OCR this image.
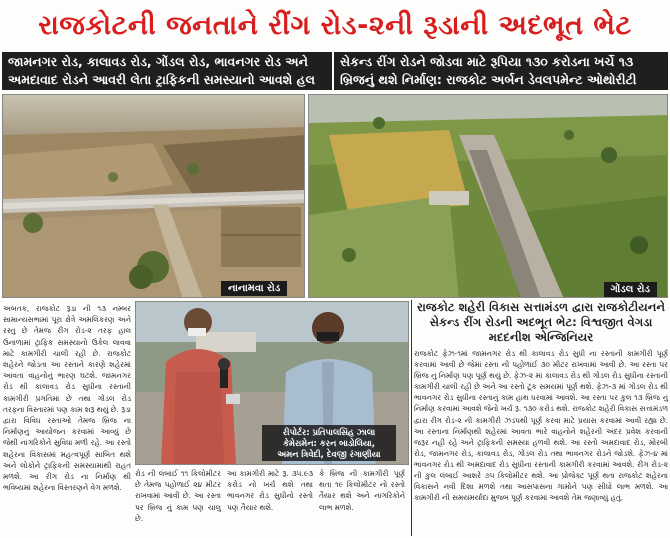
રાજકોટની જનતાને રીંગ રોડ-૨ની રૂડાની અદભૂત ભેટ
જામનગર રોડ, કાલાવડ રોડ, ગોંડલ રોડ, ભાવનગર રોડ અને
અમદાવાદ રોડને આવરી લેતા ટ્રાફિકની સમસ્યાનો આવશે હલ
સેકન્ડ રીંગ રોડને જોડવા માટે રૂપિયા ૧૩૦ કરોડના ખર્ચે ૧૩
બ્રિજનું થશે નિર્માણ: રાજકોટ અર્બન ડેવલપમેન્ટ ઓથોરીટી
નાનામવા રોડ	ગોંડલ રોડ
અબતક, રાજકોટ રૂડા ની ૧૩ નમ્બર સામાન્યસભામાં પૂરા ક્ષેત્રે અમલિકરણ અને રસ્તુ છે તેમજ રીંગ રોડ-૨ તરફ હાલ ઉનાળામાં ટ્રાફિક સમસ્યાનો ઉકેલ લાવવા માટે કામગીરી ચાલી રહી છે. રાજકોટ શહેરને જોડતા આ રસ્તાને કારણે શહેરમાં આવતા વાહનોનું ભારણ ઘટશે. જામનગર રોડ થી કાલાવડ રોડ સુધીના રસ્તાની કામગીરી પ્રગતિમાં છે તથા ગોંડલ રોડ તરફના વિસ્તારમાં પણ કામ શરૂ થયું છે. રૂડા દ્વારા વિવિધ રસ્તાઓ તેમજ બ્રિજ ના નિર્માણનું આયોજન કરવામાં આવ્યું છે જેથી નાગરિકોને સુવિધા મળી રહે. આ રસ્તો શહેરના વિકાસમાં મહત્વપૂર્ણ સાબિત થશે અને લોકોને ટ્રાફિકની સમસ્યામાંથી રાહત મળશે. આ રીંગ રોડ ના નિર્માણ થી ભવિષ્યમાં શહેરના વિસ્તરણને વેગ મળશે.
રીપોર્ટર: પ્રતિપાલસિંહ ઝાલા
કેમેરામેન: કરન બાડોલિયા,
અમન ત્રિવેદી, દેવજી રંગાણીયા
રોડ ની લંબાઈ ૧૧ કિલોમીટર છે તેમજ પહોળાઈ ૨૪ મીટર રાખવામાં આવી છે. આ રસ્તા પર બ્રિજ નું કામ પણ ચાલુ છે.
આ કામગીરી માટે રૂ. ૩૫.૯૩ કરોડ નો ખર્ચ થશે તથા ભાવનગર રોડ સુધીનો રસ્તો પણ તૈયાર થશે.
કે બ્રિજ ની કામગીરી પૂર્ણ થતા ૧૯ કિલોમીટર નો રસ્તો તૈયાર થશે અને નાગરિકોને લાભ મળશે.
રાજકોટ શહેરી વિકાસ સત્તામંડળ દ્વારા રાજકોટીયનને સેકન્ડ રીંગ રોડની અદભૂત ભેટ: વિશ્વજીત વેગડા મદદનીશ એન્જિનિયર
રાજકોટ ફેઝ-૧માં જામનગર રોડ થી કાલાવડ રોડ સુધી ના રસ્તાની કામગીરી પૂર્ણ કરવામાં આવી છે જેમાં રસ્તા ની પહોળાઈ ૩૦ મીટર રાખવામાં આવી છે. આ રસ્તા પર બ્રિજ નું નિર્માણ પણ પૂર્ણ થયું છે. ફેઝ-૨ માં કાલાવડ રોડ થી ગોંડલ રોડ સુધીના રસ્તાની કામગીરી ચાલી રહી છે અને આ રસ્તો ટૂંક સમયમાં પૂર્ણ થશે. ફેઝ-૩ માં ગોંડલ રોડ થી ભાવનગર રોડ સુધીના રસ્તાનું કામ હાથ ધરવામાં આવશે. આ રસ્તા પર કુલ ૧૩ બ્રિજ નું નિર્માણ કરવામાં આવશે જેનો ખર્ચ રૂ. ૧૩૦ કરોડ થશે. રાજકોટ શહેરી વિકાસ સત્તામંડળ દ્વારા રીંગ રોડ-૨ ની કામગીરી ઝડપથી પૂર્ણ કરવા માટે પ્રયાસ કરવામાં આવી રહ્યા છે. આ રસ્તાના નિર્માણથી શહેરમાં આવતા ભારે વાહનોને શહેરની અંદર પ્રવેશ કરવાની જરૂર નહી રહે અને ટ્રાફિકની સમસ્યા હળવી થશે. આ રસ્તો અમદાવાદ રોડ, મોરબી રોડ, જામનગર રોડ, કાલાવડ રોડ, ગોંડલ રોડ તથા ભાવનગર રોડને જોડશે. ફેઝ-૪ માં ભાવનગર રોડ થી અમદાવાદ રોડ સુધીના રસ્તાની કામગીરી કરવામાં આવશે. રીંગ રોડ-૨ ની કુલ લંબાઈ આશરે ૭૫ કિલોમીટર થશે. આ પ્રોજેક્ટ પૂર્ણ થતા રાજકોટ શહેરના વિકાસને નવી દિશા મળશે તથા આસપાસના ગામોને પણ સીધો લાભ મળશે. આ કામગીરી ની સમયમર્યાદા મુજબ પૂર્ણ કરવામાં આવશે તેમ જણાવ્યું હતું.
